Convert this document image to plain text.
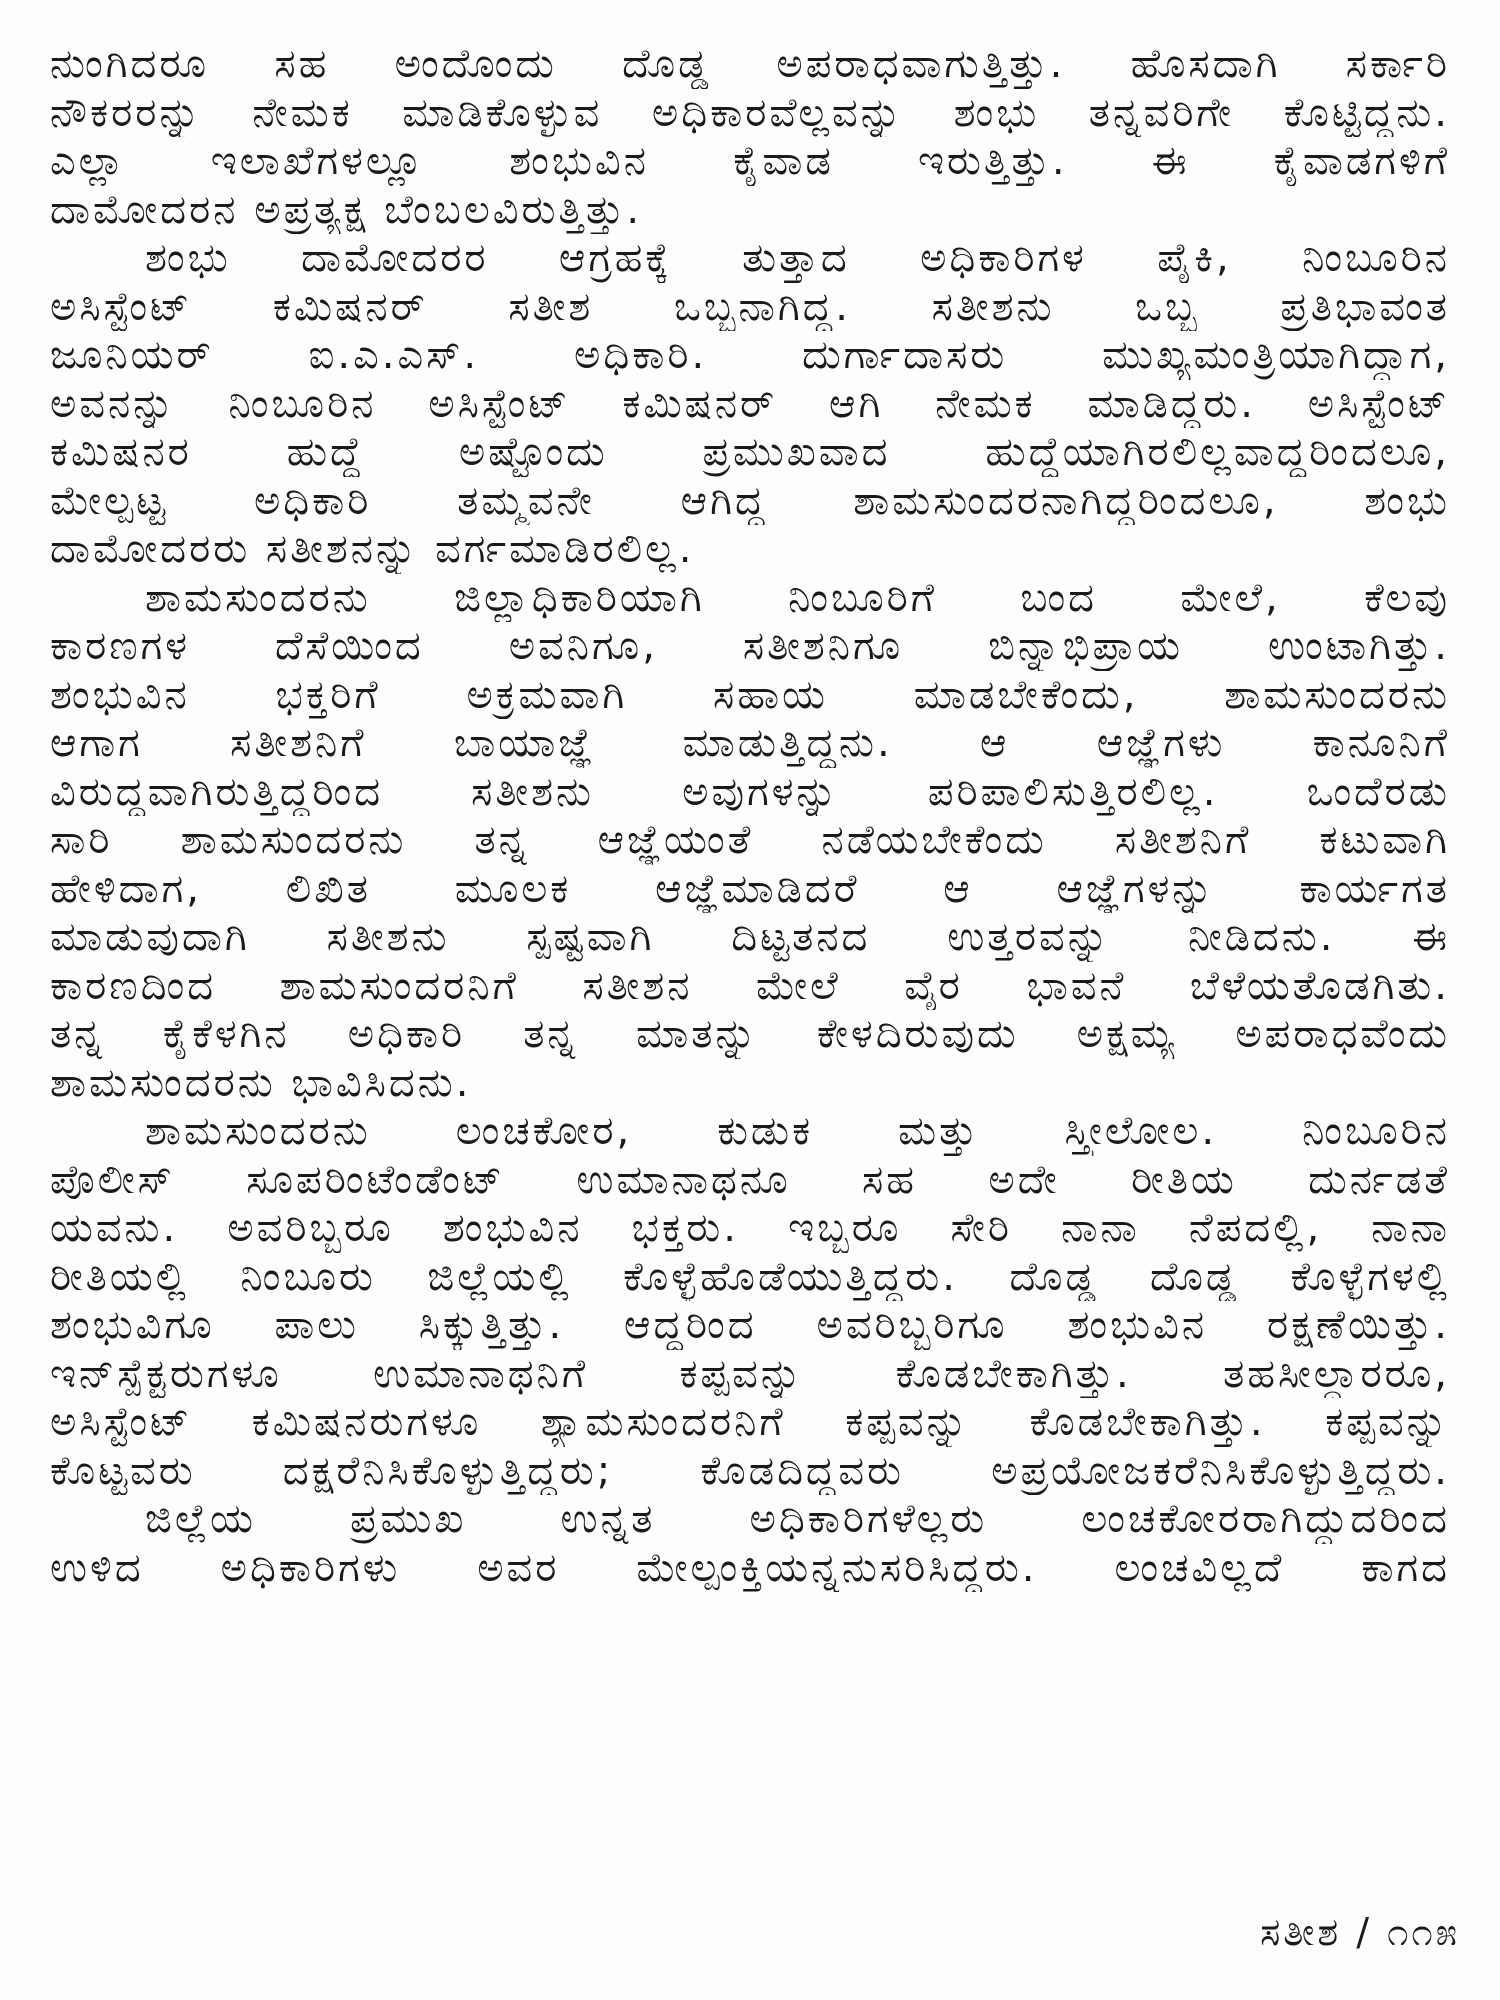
ನುಂಗಿದರೂ ಸಹ ಅಂದೊಂದು ದೊಡ್ಡ ಅಪರಾಧವಾಗುತ್ತಿತ್ತು. ಹೊಸದಾಗಿ ಸರ್ಕಾರಿ
ನೌಕರರನ್ನು ನೇಮಕ ಮಾಡಿಕೊಳ್ಳುವ ಅಧಿಕಾರವೆಲ್ಲವನ್ನು ಶಂಭು ತನ್ನವರಿಗೇ ಕೊಟ್ಟಿದ್ದನು.
ಎಲ್ಲಾ ಇಲಾಖೆಗಳಲ್ಲೂ ಶಂಭುವಿನ ಕೈವಾಡ ಇರುತ್ತಿತ್ತು. ಈ ಕೈವಾಡಗಳಿಗೆ
ದಾಮೋದರನ ಅಪ್ರತ್ಯಕ್ಷ ಬೆಂಬಲವಿರುತ್ತಿತ್ತು.
ಶಂಭು ದಾಮೋದರರ ಆಗ್ರಹಕ್ಕೆ ತುತ್ತಾದ ಅಧಿಕಾರಿಗಳ ಪೈಕಿ, ನಿಂಬೂರಿನ
ಅಸಿಸ್ಟೆಂಟ್ ಕಮಿಷನರ್ ಸತೀಶ ಒಬ್ಬನಾಗಿದ್ದ. ಸತೀಶನು ಒಬ್ಬ ಪ್ರತಿಭಾವಂತ
ಜೂನಿಯರ್ ಐ.ಎ.ಎಸ್. ಅಧಿಕಾರಿ. ದುರ್ಗಾದಾಸರು ಮುಖ್ಯಮಂತ್ರಿಯಾಗಿದ್ದಾಗ,
ಅವನನ್ನು ನಿಂಬೂರಿನ ಅಸಿಸ್ಟೆಂಟ್ ಕಮಿಷನರ್ ಆಗಿ ನೇಮಕ ಮಾಡಿದ್ದರು. ಅಸಿಸ್ಟೆಂಟ್
ಕಮಿಷನರ ಹುದ್ದೆ ಅಷ್ಟೊಂದು ಪ್ರಮುಖವಾದ ಹುದ್ದೆಯಾಗಿರಲಿಲ್ಲವಾದ್ದರಿಂದಲೂ,
ಮೇಲ್ಪಟ್ಟ ಅಧಿಕಾರಿ ತಮ್ಮವನೇ ಆಗಿದ್ದ ಶಾಮಸುಂದರನಾಗಿದ್ದರಿಂದಲೂ, ಶಂಭು
ದಾಮೋದರರು ಸತೀಶನನ್ನು ವರ್ಗಮಾಡಿರಲಿಲ್ಲ.
ಶಾಮಸುಂದರನು ಜಿಲ್ಲಾಧಿಕಾರಿಯಾಗಿ ನಿಂಬೂರಿಗೆ ಬಂದ ಮೇಲೆ, ಕೆಲವು
ಕಾರಣಗಳ ದೆಸೆಯಿಂದ ಅವನಿಗೂ, ಸತೀಶನಿಗೂ ಬಿನ್ನಾಭಿಪ್ರಾಯ ಉಂಟಾಗಿತ್ತು.
ಶಂಭುವಿನ ಭಕ್ತರಿಗೆ ಅಕ್ರಮವಾಗಿ ಸಹಾಯ ಮಾಡಬೇಕೆಂದು, ಶಾಮಸುಂದರನು
ಆಗಾಗ ಸತೀಶನಿಗೆ ಬಾಯಾಜ್ಞೆ ಮಾಡುತ್ತಿದ್ದನು. ಆ ಆಜ್ಞೆಗಳು ಕಾನೂನಿಗೆ
ವಿರುದ್ಧವಾಗಿರುತ್ತಿದ್ದರಿಂದ ಸತೀಶನು ಅವುಗಳನ್ನು ಪರಿಪಾಲಿಸುತ್ತಿರಲಿಲ್ಲ. ಒಂದೆರಡು
ಸಾರಿ ಶಾಮಸುಂದರನು ತನ್ನ ಆಜ್ಞೆಯಂತೆ ನಡೆಯಬೇಕೆಂದು ಸತೀಶನಿಗೆ ಕಟುವಾಗಿ
ಹೇಳಿದಾಗ, ಲಿಖಿತ ಮೂಲಕ ಆಜ್ಞೆಮಾಡಿದರೆ ಆ ಆಜ್ಞೆಗಳನ್ನು ಕಾರ್ಯಗತ
ಮಾಡುವುದಾಗಿ ಸತೀಶನು ಸ್ಪಷ್ಟವಾಗಿ ದಿಟ್ಟತನದ ಉತ್ತರವನ್ನು ನೀಡಿದನು. ಈ
ಕಾರಣದಿಂದ ಶಾಮಸುಂದರನಿಗೆ ಸತೀಶನ ಮೇಲೆ ವೈರ ಭಾವನೆ ಬೆಳೆಯತೊಡಗಿತು.
ತನ್ನ ಕೈಕೆಳಗಿನ ಅಧಿಕಾರಿ ತನ್ನ ಮಾತನ್ನು ಕೇಳದಿರುವುದು ಅಕ್ಷಮ್ಯ ಅಪರಾಧವೆಂದು
ಶಾಮಸುಂದರನು ಭಾವಿಸಿದನು.
ಶಾಮಸುಂದರನು ಲಂಚಕೋರ, ಕುಡುಕ ಮತ್ತು ಸ್ತ್ರೀಲೋಲ. ನಿಂಬೂರಿನ
ಪೊಲೀಸ್ ಸೂಪರಿಂಟೆಂಡೆಂಟ್ ಉಮಾನಾಥನೂ ಸಹ ಅದೇ ರೀತಿಯ ದುರ್ನಡತೆ
ಯವನು. ಅವರಿಬ್ಬರೂ ಶಂಭುವಿನ ಭಕ್ತರು. ಇಬ್ಬರೂ ಸೇರಿ ನಾನಾ ನೆಪದಲ್ಲಿ, ನಾನಾ
ರೀತಿಯಲ್ಲಿ ನಿಂಬೂರು ಜಿಲ್ಲೆಯಲ್ಲಿ ಕೊಳ್ಳೆಹೊಡೆಯುತ್ತಿದ್ದರು. ದೊಡ್ಡ ದೊಡ್ಡ ಕೊಳ್ಳೆಗಳಲ್ಲಿ
ಶಂಭುವಿಗೂ ಪಾಲು ಸಿಕ್ಕುತ್ತಿತ್ತು. ಆದ್ದರಿಂದ ಅವರಿಬ್ಬರಿಗೂ ಶಂಭುವಿನ ರಕ್ಷಣೆಯಿತ್ತು.
ಇನ್‌ಸ್ಪೆಕ್ಟರುಗಳೂ ಉಮಾನಾಥನಿಗೆ ಕಪ್ಪವನ್ನು ಕೊಡಬೇಕಾಗಿತ್ತು. ತಹಸೀಲ್ದಾರರೂ,
ಅಸಿಸ್ಟೆಂಟ್ ಕಮಿಷನರುಗಳೂ ಶ್ಯಾಮಸುಂದರನಿಗೆ ಕಪ್ಪವನ್ನು ಕೊಡಬೇಕಾಗಿತ್ತು. ಕಪ್ಪವನ್ನು
ಕೊಟ್ಟವರು ದಕ್ಷರೆನಿಸಿಕೊಳ್ಳುತ್ತಿದ್ದರು; ಕೊಡದಿದ್ದವರು ಅಪ್ರಯೋಜಕರೆನಿಸಿಕೊಳ್ಳುತ್ತಿದ್ದರು.
ಜಿಲ್ಲೆಯ ಪ್ರಮುಖ ಉನ್ನತ ಅಧಿಕಾರಿಗಳೆಲ್ಲರು ಲಂಚಕೋರರಾಗಿದ್ದುದರಿಂದ
ಉಳಿದ ಅಧಿಕಾರಿಗಳು ಅವರ ಮೇಲ್ಪಂಕ್ತಿಯನ್ನನುಸರಿಸಿದ್ದರು. ಲಂಚವಿಲ್ಲದೆ ಕಾಗದ
ಸತೀಶ / ೧೧೫
